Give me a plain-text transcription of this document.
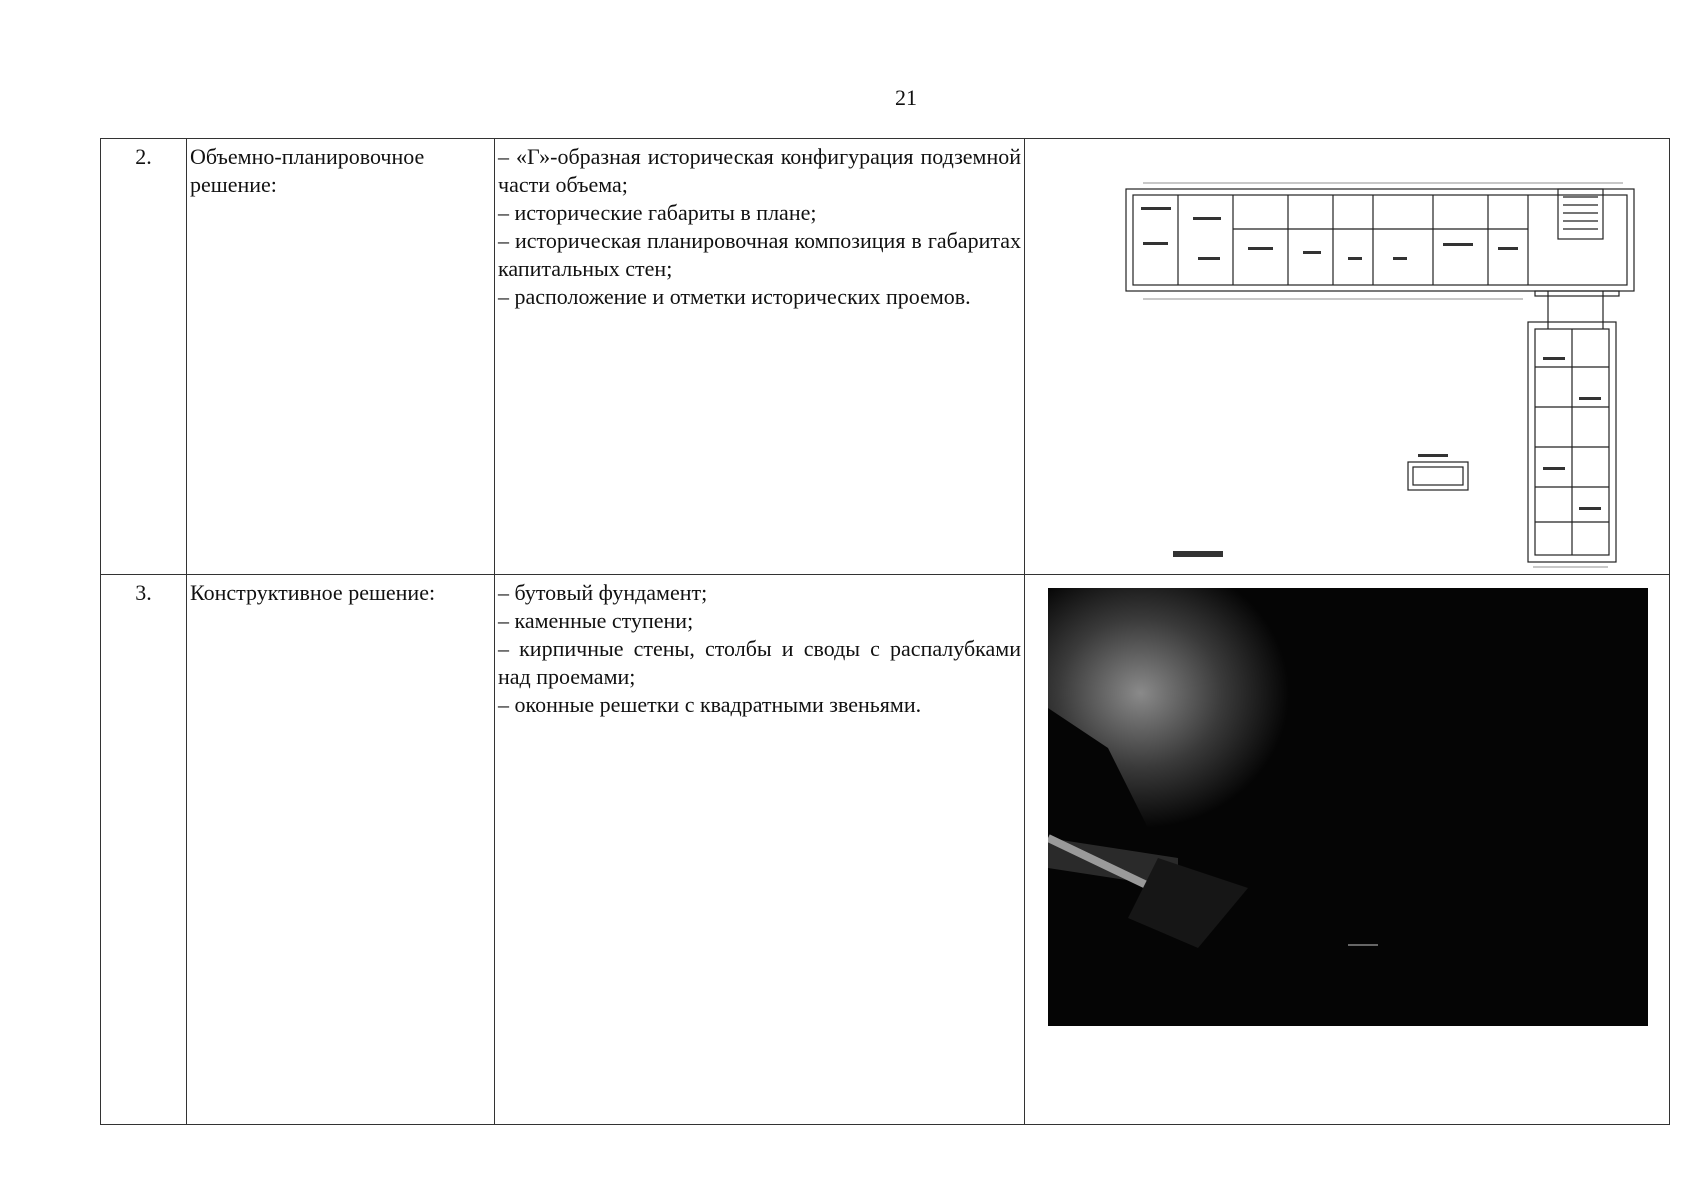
21
2.	Объемно-планировочное решение:	– «Г»-образная историческая конфигурация подземной части объема;

– исторические габариты в плане;

– историческая планировочная композиция в габаритах капитальных стен;

– расположение и отметки исторических проемов.

3.	Конструктивное решение:	– бутовый фундамент;

– каменные ступени;

– кирпичные стены, столбы и своды с распалубками над проемами;

– оконные решетки с квадратными звеньями.
